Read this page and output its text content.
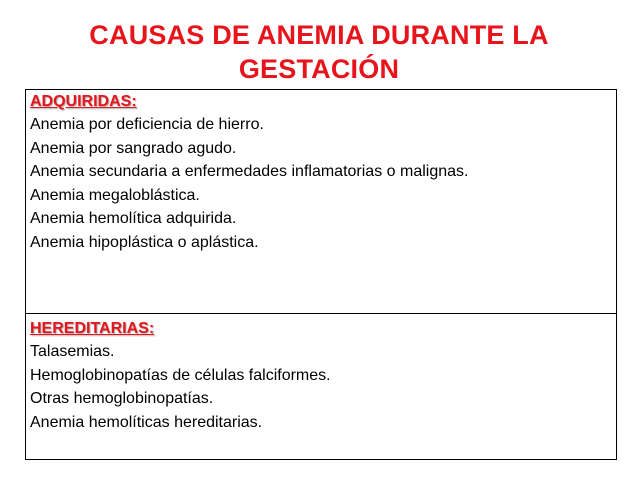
CAUSAS DE ANEMIA DURANTE LA
GESTACIÓN
ADQUIRIDAS:
Anemia por deficiencia de hierro.
Anemia por sangrado agudo.
Anemia secundaria a enfermedades inflamatorias o malignas.
Anemia megaloblástica.
Anemia hemolítica adquirida.
Anemia hipoplástica o aplástica.
HEREDITARIAS:
Talasemias.
Hemoglobinopatías de células falciformes.
Otras hemoglobinopatías.
Anemia hemolíticas hereditarias.
